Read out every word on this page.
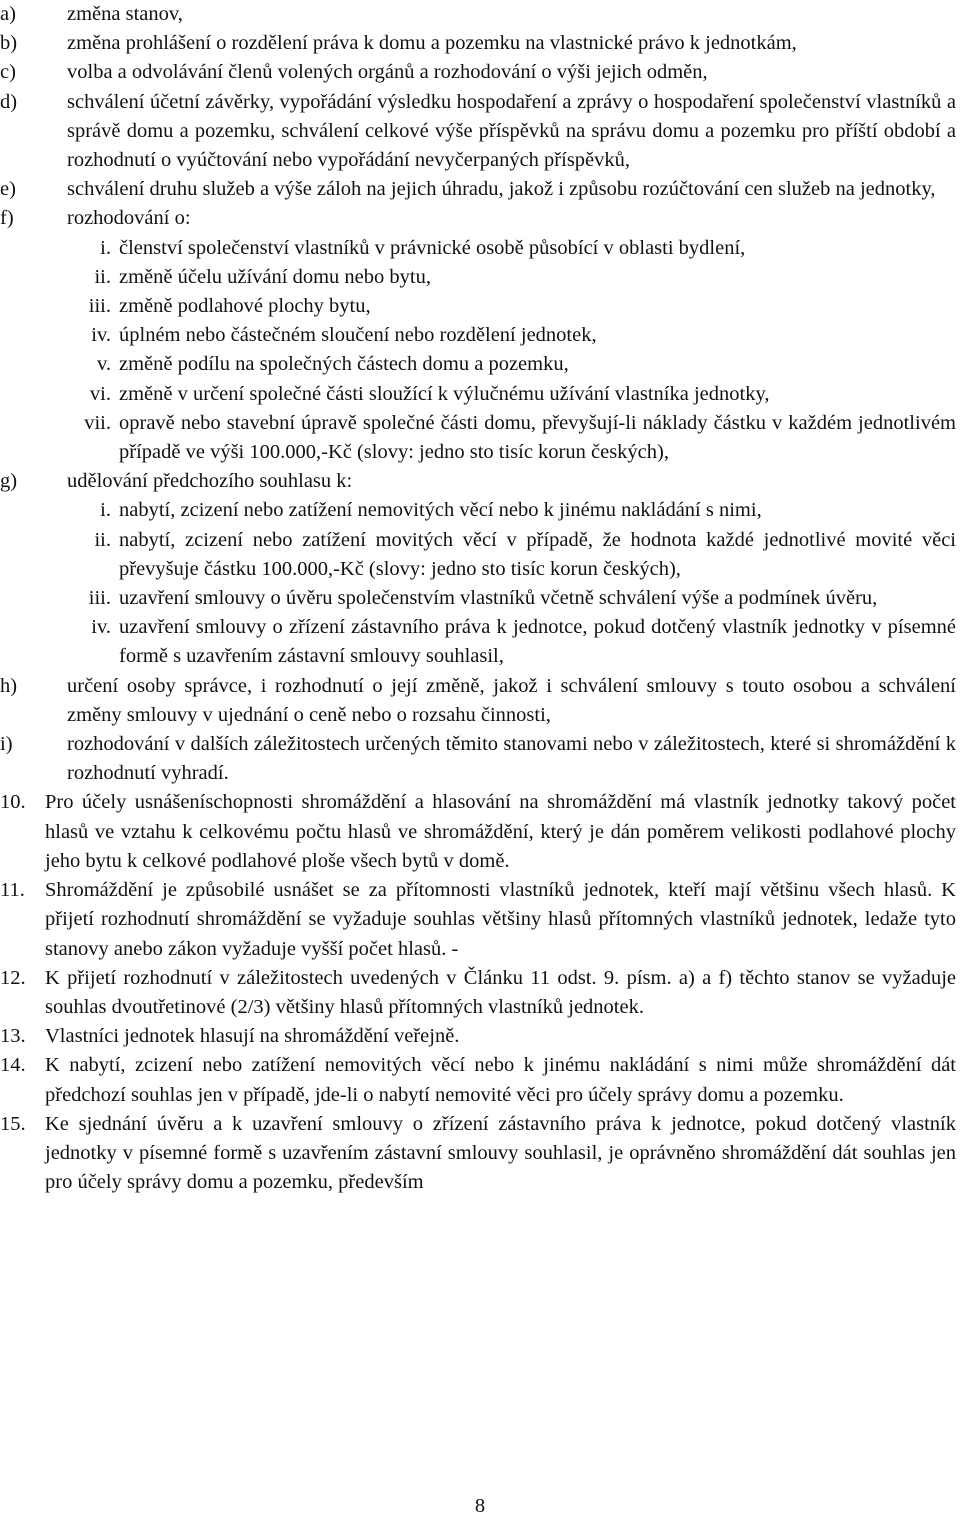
a) změna stanov,
b) změna prohlášení o rozdělení práva k domu a pozemku na vlastnické právo k jednotkám,
c) volba a odvolávání členů volených orgánů a rozhodování o výši jejich odměn,
d) schválení účetní závěrky, vypořádání výsledku hospodaření a zprávy o hospodaření společenství vlastníků a správě domu a pozemku, schválení celkové výše příspěvků na správu domu a pozemku pro příští období a rozhodnutí o vyúčtování nebo vypořádání nevyčerpaných příspěvků,
e) schválení druhu služeb a výše záloh na jejich úhradu, jakož i způsobu rozúčtování cen služeb na jednotky,
f)	rozhodování o:
i. členství společenství vlastníků v právnické osobě působící v oblasti bydlení,
ii. změně účelu užívání domu nebo bytu,
iii. změně podlahové plochy bytu,
iv. úplném nebo částečném sloučení nebo rozdělení jednotek,
v. změně podílu na společných částech domu a pozemku,
vi. změně v určení společné části sloužící k výlučnému užívání vlastníka jednotky,
vii. opravě nebo stavební úpravě společné části domu, převyšují-li náklady částku v každém jednotlivém případě ve výši 100.000,-Kč (slovy: jedno sto tisíc korun českých),
g) udělování předchozího souhlasu k:
i. nabytí, zcizení nebo zatížení nemovitých věcí nebo k jinému nakládání s nimi,
ii. nabytí, zcizení nebo zatížení movitých věcí v případě, že hodnota každé jednotlivé movité věci převyšuje částku 100.000,-Kč (slovy: jedno sto tisíc korun českých),
iii. uzavření smlouvy o úvěru společenstvím vlastníků včetně schválení výše a podmínek úvěru,
iv. uzavření smlouvy o zřízení zástavního práva k jednotce, pokud dotčený vlastník jednotky v písemné formě s uzavřením zástavní smlouvy souhlasil,
h) určení osoby správce, i rozhodnutí o její změně, jakož i schválení smlouvy s touto osobou a schválení změny smlouvy v ujednání o ceně nebo o rozsahu činnosti,
i)	rozhodování v dalších záležitostech určených těmito stanovami nebo v záležitostech, které si shromáždění k rozhodnutí vyhradí.
10. Pro účely usnášeníschopnosti shromáždění a hlasování na shromáždění má vlastník jednotky takový počet hlasů ve vztahu k celkovému počtu hlasů ve shromáždění, který je dán poměrem velikosti podlahové plochy jeho bytu k celkové podlahové ploše všech bytů v domě.
11. Shromáždění je způsobilé usnášet se za přítomnosti vlastníků jednotek, kteří mají většinu všech hlasů. K přijetí rozhodnutí shromáždění se vyžaduje souhlas většiny hlasů přítomných vlastníků jednotek, ledaže tyto stanovy anebo zákon vyžaduje vyšší počet hlasů. -
12. K přijetí rozhodnutí v záležitostech uvedených v Článku 11 odst. 9. písm. a) a f) těchto stanov se vyžaduje souhlas dvoutřetinové (2/3) většiny hlasů přítomných vlastníků jednotek.
13. Vlastníci jednotek hlasují na shromáždění veřejně.
14. K nabytí, zcizení nebo zatížení nemovitých věcí nebo k jinému nakládání s nimi může shromáždění dát předchozí souhlas jen v případě, jde-li o nabytí nemovité věci pro účely správy domu a pozemku.
15. Ke sjednání úvěru a k uzavření smlouvy o zřízení zástavního práva k jednotce, pokud dotčený vlastník jednotky v písemné formě s uzavřením zástavní smlouvy souhlasil, je oprávněno shromáždění dát souhlas jen pro účely správy domu a pozemku, především
8
